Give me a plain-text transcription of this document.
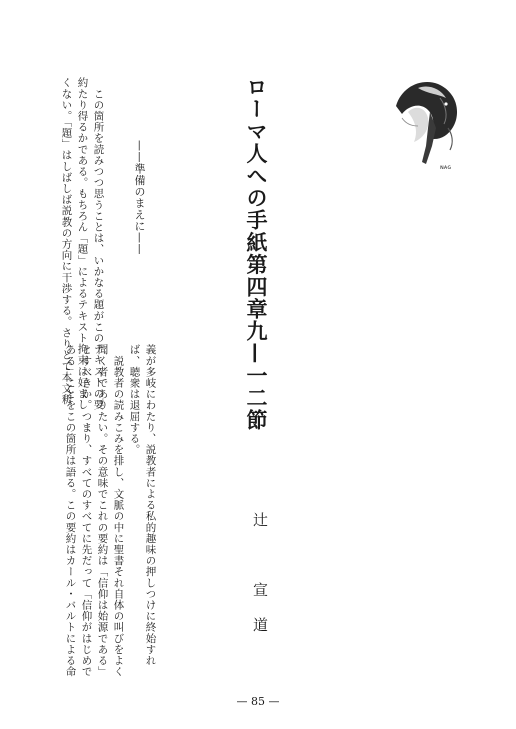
ɴᴀɢ
ローマ人への手紙第四章九—一二節
辻　宣道
——準備のまえに——
義が多岐にわたり、説教者による私的趣味の押しつけに終始すれ
ば、聴衆は退屈する。
　説教者の読みこみを排し、文脈の中に聖書それ自体の叫びをよく
聞く者でありたい。その意味でこれの要約は「信仰は始源である」
とすべきか。つまり、すべてのすべてに先だって「信仰がはじめで
ある」ことをこの箇所は語る。この要約はカール・バルトによる命
　この箇所を読みつつ思うことは、いかなる題がこのテキストの要
約たり得るかである。もちろん「題」によるテキスト拘束は好まし
くない。「題」はしばしば説教の方向に干渉する。さりとて本文釈
— 85 —
